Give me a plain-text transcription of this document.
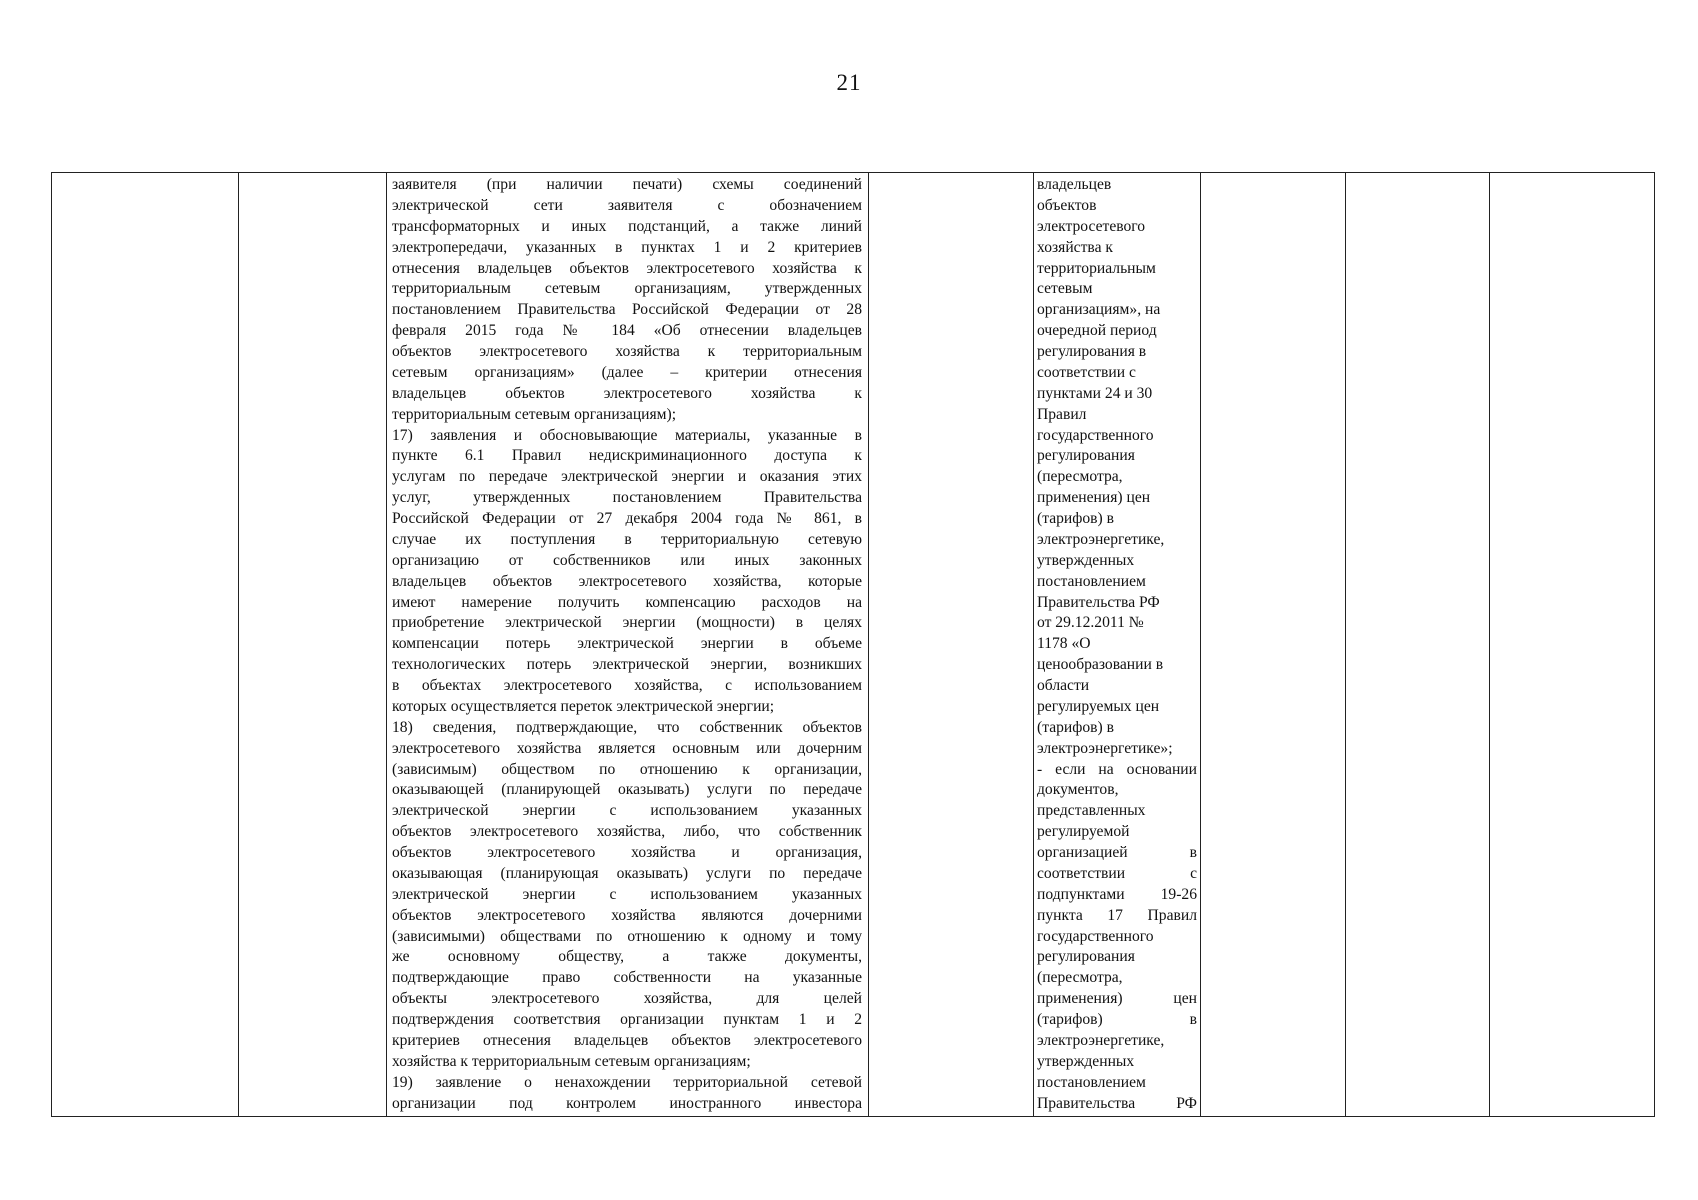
21
заявителя (при наличии печати) схемы соединений
электрической сети заявителя с обозначением
трансформаторных и иных подстанций, а также линий
электропередачи, указанных в пунктах 1 и 2 критериев
отнесения владельцев объектов электросетевого хозяйства к
территориальным сетевым организациям, утвержденных
постановлением Правительства Российской Федерации от 28
февраля 2015 года № 184 «Об отнесении владельцев
объектов электросетевого хозяйства к территориальным
сетевым организациям» (далее – критерии отнесения
владельцев объектов электросетевого хозяйства к
территориальным сетевым организациям);
17) заявления и обосновывающие материалы, указанные в
пункте 6.1 Правил недискриминационного доступа к
услугам по передаче электрической энергии и оказания этих
услуг, утвержденных постановлением Правительства
Российской Федерации от 27 декабря 2004 года № 861, в
случае их поступления в территориальную сетевую
организацию от собственников или иных законных
владельцев объектов электросетевого хозяйства, которые
имеют намерение получить компенсацию расходов на
приобретение электрической энергии (мощности) в целях
компенсации потерь электрической энергии в объеме
технологических потерь электрической энергии, возникших
в объектах электросетевого хозяйства, с использованием
которых осуществляется переток электрической энергии;
18) сведения, подтверждающие, что собственник объектов
электросетевого хозяйства является основным или дочерним
(зависимым) обществом по отношению к организации,
оказывающей (планирующей оказывать) услуги по передаче
электрической энергии с использованием указанных
объектов электросетевого хозяйства, либо, что собственник
объектов электросетевого хозяйства и организация,
оказывающая (планирующая оказывать) услуги по передаче
электрической энергии с использованием указанных
объектов электросетевого хозяйства являются дочерними
(зависимыми) обществами по отношению к одному и тому
же основному обществу, а также документы,
подтверждающие право собственности на указанные
объекты электросетевого хозяйства, для целей
подтверждения соответствия организации пунктам 1 и 2
критериев отнесения владельцев объектов электросетевого
хозяйства к территориальным сетевым организациям;
19) заявление о ненахождении территориальной сетевой
организации под контролем иностранного инвестора
владельцев
объектов
электросетевого
хозяйства к
территориальным
сетевым
организациям», на
очередной период
регулирования в
соответствии с
пунктами 24 и 30
Правил
государственного
регулирования
(пересмотра,
применения) цен
(тарифов) в
электроэнергетике,
утвержденных
постановлением
Правительства РФ
от 29.12.2011 №
1178 «О
ценообразовании в
области
регулируемых цен
(тарифов) в
электроэнергетике»;
- если на основании
документов,
представленных
регулируемой
организацией в
соответствии с
подпунктами 19-26
пункта 17 Правил
государственного
регулирования
(пересмотра,
применения) цен
(тарифов) в
электроэнергетике,
утвержденных
постановлением
Правительства РФ
